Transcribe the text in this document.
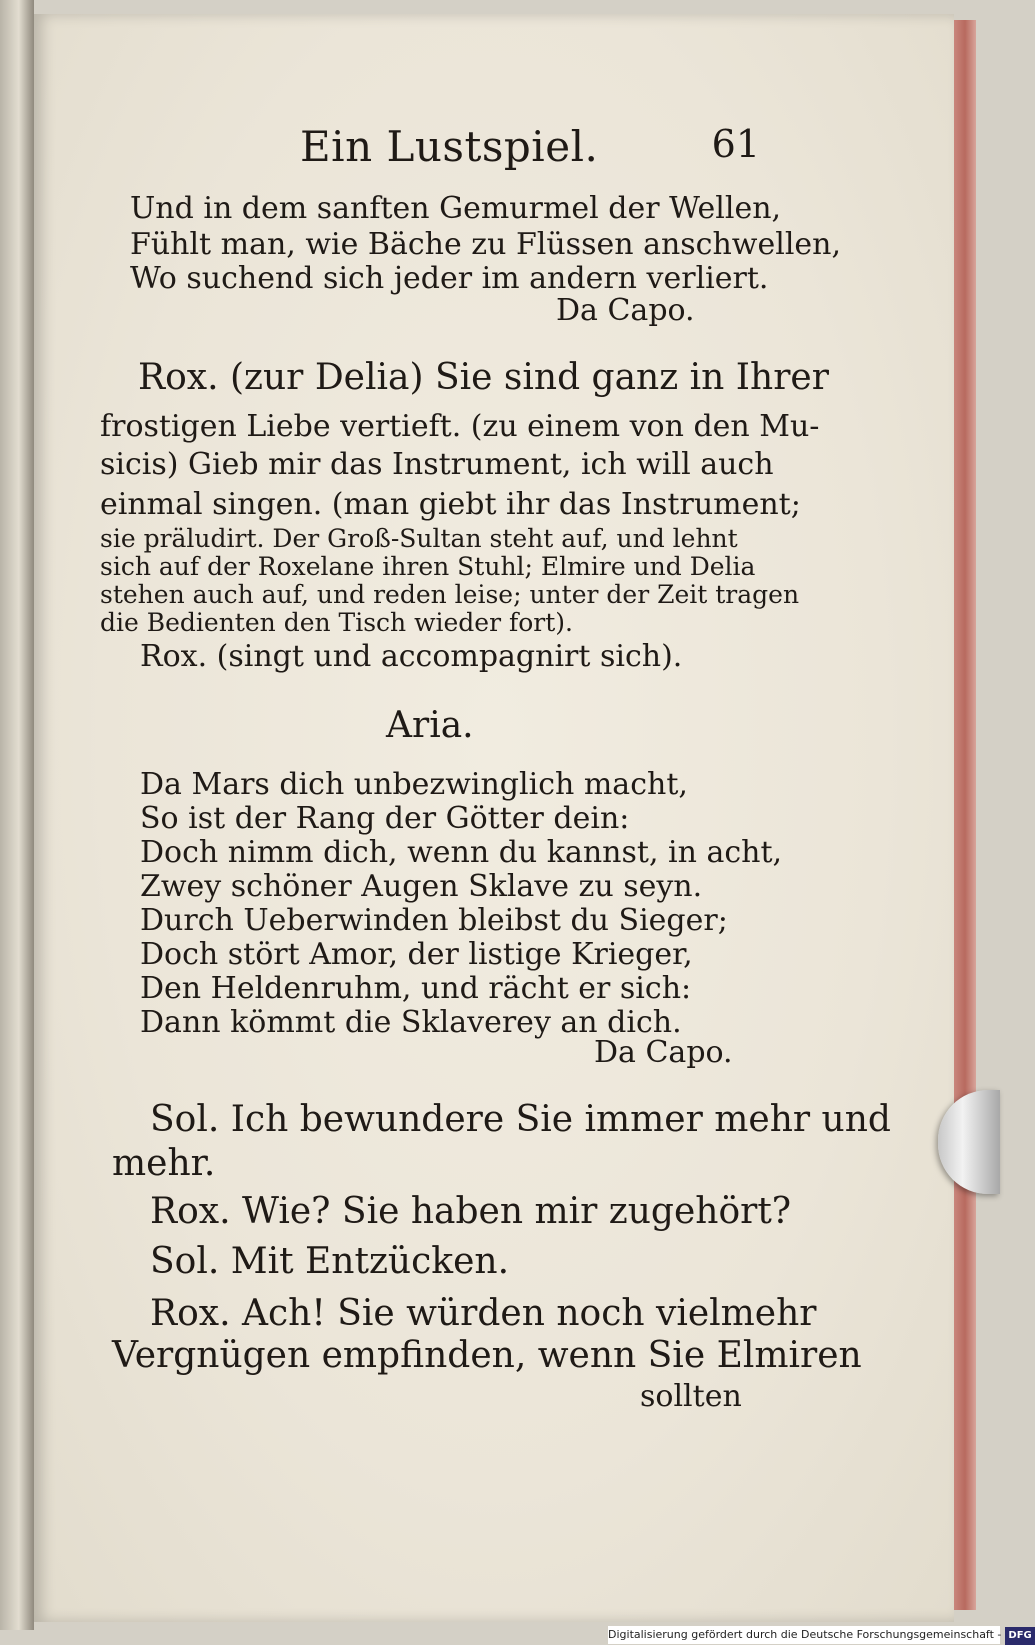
Ein Lustspiel.	61
Und in dem sanften Gemurmel der Wellen,
Fühlt man, wie Bäche zu Flüssen anschwellen,
Wo suchend sich jeder im andern verliert.
Da Capo.
Rox. (zur Delia) Sie sind ganz in Ihrer
frostigen Liebe vertieft. (zu einem von den Mu-
sicis) Gieb mir das Instrument, ich will auch
einmal singen. (man giebt ihr das Instrument;
sie präludirt. Der Groß-Sultan steht auf, und lehnt
sich auf der Roxelane ihren Stuhl; Elmire und Delia
stehen auch auf, und reden leise; unter der Zeit tragen
die Bedienten den Tisch wieder fort).
Rox. (singt und accompagnirt sich).
Aria.
Da Mars dich unbezwinglich macht,
So ist der Rang der Götter dein:
Doch nimm dich, wenn du kannst, in acht,
Zwey schöner Augen Sklave zu seyn.
Durch Ueberwinden bleibst du Sieger;
Doch stört Amor, der listige Krieger,
Den Heldenruhm, und rächt er sich:
Dann kömmt die Sklaverey an dich.
Da Capo.
Sol. Ich bewundere Sie immer mehr und
mehr.
Rox. Wie? Sie haben mir zugehört?
Sol. Mit Entzücken.
Rox. Ach! Sie würden noch vielmehr
Vergnügen empfinden, wenn Sie Elmiren
sollten
Digitalisierung gefördert durch die Deutsche Forschungsgemeinschaft - DFG
